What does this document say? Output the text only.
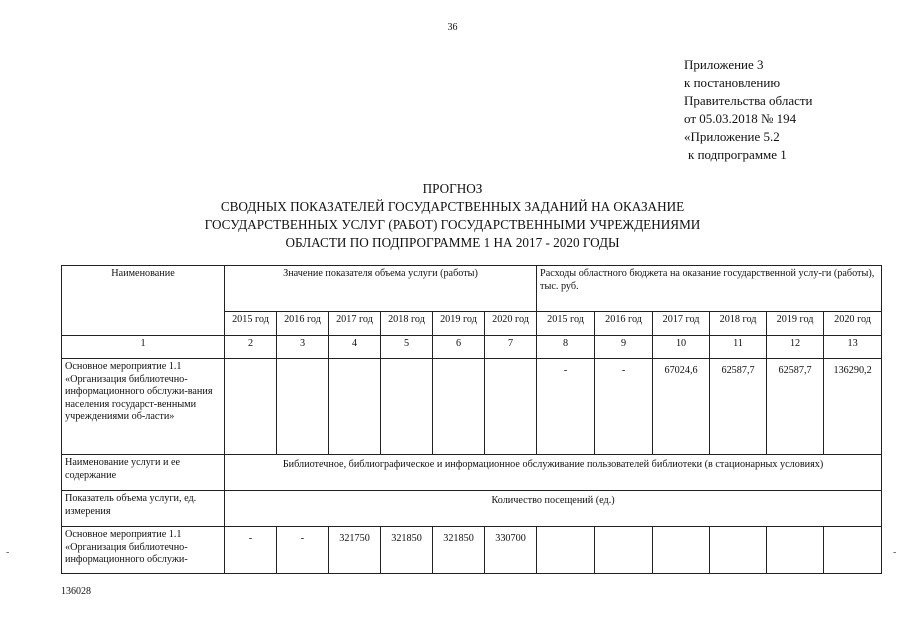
36
Приложение 3
к постановлению
Правительства области
от 05.03.2018 № 194
«Приложение 5.2
к подпрограмме 1
ПРОГНОЗ
СВОДНЫХ ПОКАЗАТЕЛЕЙ ГОСУДАРСТВЕННЫХ ЗАДАНИЙ НА ОКАЗАНИЕ
ГОСУДАРСТВЕННЫХ УСЛУГ (РАБОТ) ГОСУДАРСТВЕННЫМИ УЧРЕЖДЕНИЯМИ
ОБЛАСТИ ПО ПОДПРОГРАММЕ 1 НА 2017 - 2020 ГОДЫ
Наименование	Значение показателя объема услуги (работы)						Расходы областного бюджета на оказание государственной услу-ги (работы), тыс. руб.					
	2015 год	2016 год	2017 год	2018 год	2019 год	2020 год	2015 год	2016 год	2017 год	2018 год	2019 год	2020 год
1	2	3	4	5	6	7	8	9	10	11	12	13
Основное мероприятие 1.1 «Организация библиотечно-информационного обслужи-вания населения государст-венными учреждениями об-ласти»							-	-	67024,6	62587,7	62587,7	136290,2
Наименование услуги и ее содержание	Библиотечное, библиографическое и информационное обслуживание пользователей библиотеки (в стационарных условиях)											
Показатель объема услуги, ед. измерения	Количество посещений (ед.)											
Основное мероприятие 1.1 «Организация библиотечно-информационного обслужи-	-	-	321750	321850	321850	330700						
136028
-	-
